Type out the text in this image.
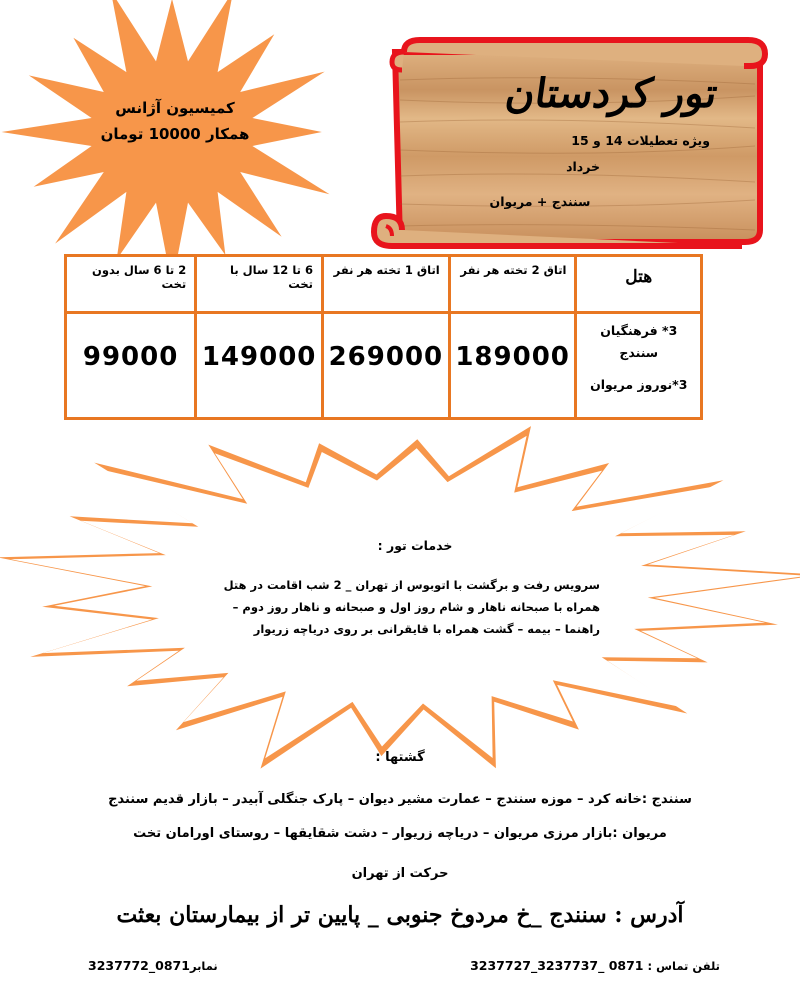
کمیسیون آژانس
همکار 10000 تومان
تور کردستان
ویژه تعطیلات 14 و 15
خرداد
سنندج + مریوان
هتل	اتاق 2 تخته هر نفر	اتاق 1 تخته هر نفر	6 تا 12 سال با تخت	2 تا 6 سال بدون تخت

3* فرهنگیان سنندج
3*نوروز مریوان	189000	269000	149000	99000
خدمات تور :
سرویس رفت و برگشت با اتوبوس از تهران _ 2 شب اقامت در هتل
همراه با صبحانه ناهار و شام روز اول و صبحانه و ناهار روز دوم –
راهنما – بیمه – گشت همراه با قایقرانی بر روی دریاچه زریوار
گشتها :
سنندج :خانه کرد – موزه سنندج – عمارت مشیر دیوان – پارک جنگلی آبیدر – بازار قدیم سنندج
مریوان :بازار مرزی مریوان – دریاچه زریوار – دشت شقایقها – روستای اورامان تخت
حرکت از تهران
آدرس : سنندج _خ مردوخ جنوبی _ پایین تر از بیمارستان بعثت
تلفن تماس : 0871 _3237737_3237727
نمابر0871_3237772
